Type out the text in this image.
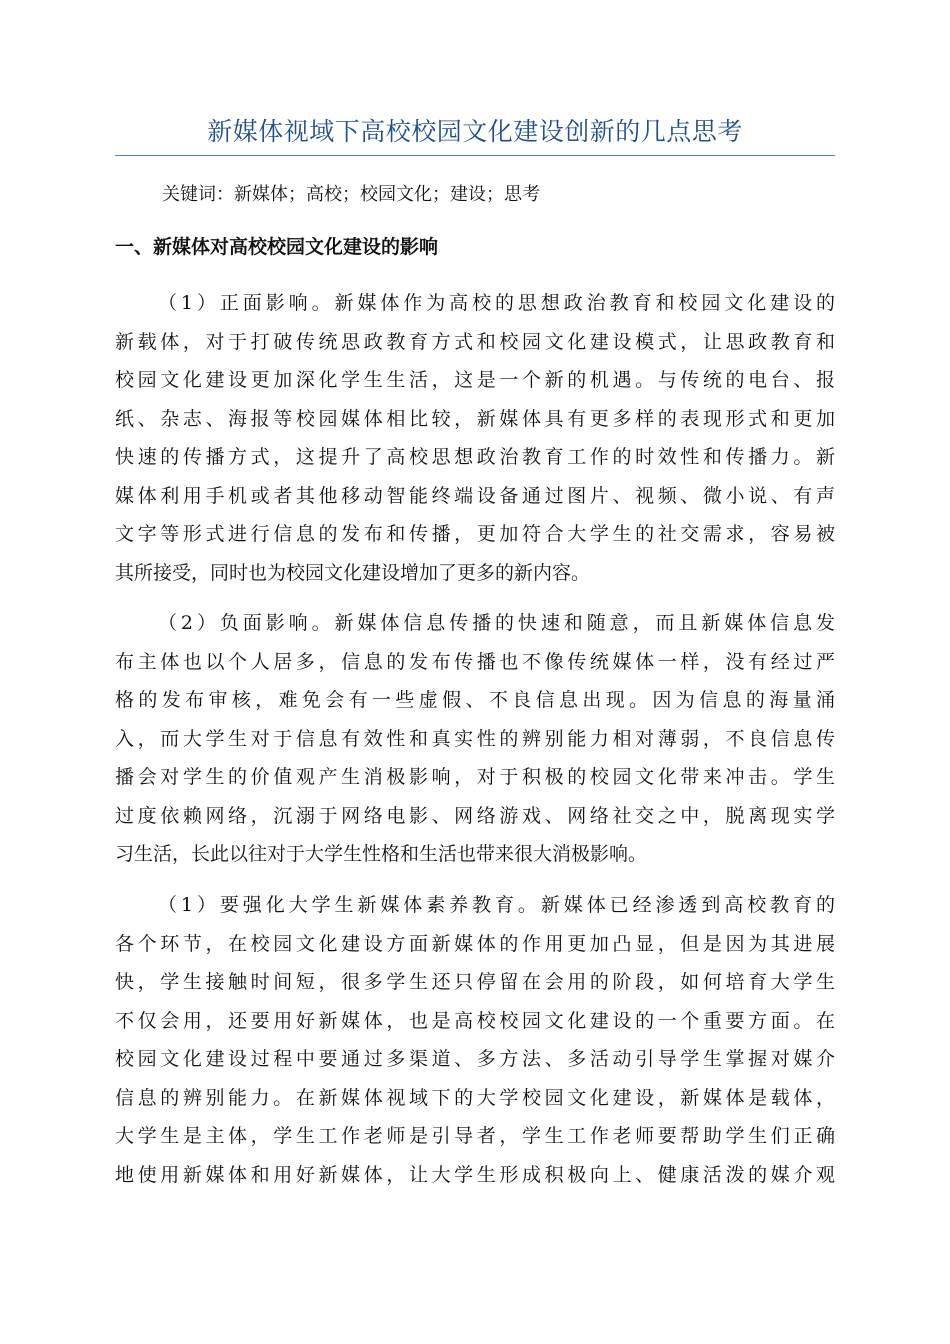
新媒体视域下高校校园文化建设创新的几点思考
关键词：新媒体；高校；校园文化；建设；思考
一、新媒体对高校校园文化建设的影响
（1）正面影响。新媒体作为高校的思想政治教育和校园文化建设的
新载体，对于打破传统思政教育方式和校园文化建设模式，让思政教育和
校园文化建设更加深化学生生活，这是一个新的机遇。与传统的电台、报
纸、杂志、海报等校园媒体相比较，新媒体具有更多样的表现形式和更加
快速的传播方式，这提升了高校思想政治教育工作的时效性和传播力。新
媒体利用手机或者其他移动智能终端设备通过图片、视频、微小说、有声
文字等形式进行信息的发布和传播，更加符合大学生的社交需求，容易被
其所接受，同时也为校园文化建设增加了更多的新内容。
（2）负面影响。新媒体信息传播的快速和随意，而且新媒体信息发
布主体也以个人居多，信息的发布传播也不像传统媒体一样，没有经过严
格的发布审核，难免会有一些虚假、不良信息出现。因为信息的海量涌
入，而大学生对于信息有效性和真实性的辨别能力相对薄弱，不良信息传
播会对学生的价值观产生消极影响，对于积极的校园文化带来冲击。学生
过度依赖网络，沉溺于网络电影、网络游戏、网络社交之中，脱离现实学
习生活，长此以往对于大学生性格和生活也带来很大消极影响。
（1）要强化大学生新媒体素养教育。新媒体已经渗透到高校教育的
各个环节，在校园文化建设方面新媒体的作用更加凸显，但是因为其进展
快，学生接触时间短，很多学生还只停留在会用的阶段，如何培育大学生
不仅会用，还要用好新媒体，也是高校校园文化建设的一个重要方面。在
校园文化建设过程中要通过多渠道、多方法、多活动引导学生掌握对媒介
信息的辨别能力。在新媒体视域下的大学校园文化建设，新媒体是载体，
大学生是主体，学生工作老师是引导者，学生工作老师要帮助学生们正确
地使用新媒体和用好新媒体，让大学生形成积极向上、健康活泼的媒介观
